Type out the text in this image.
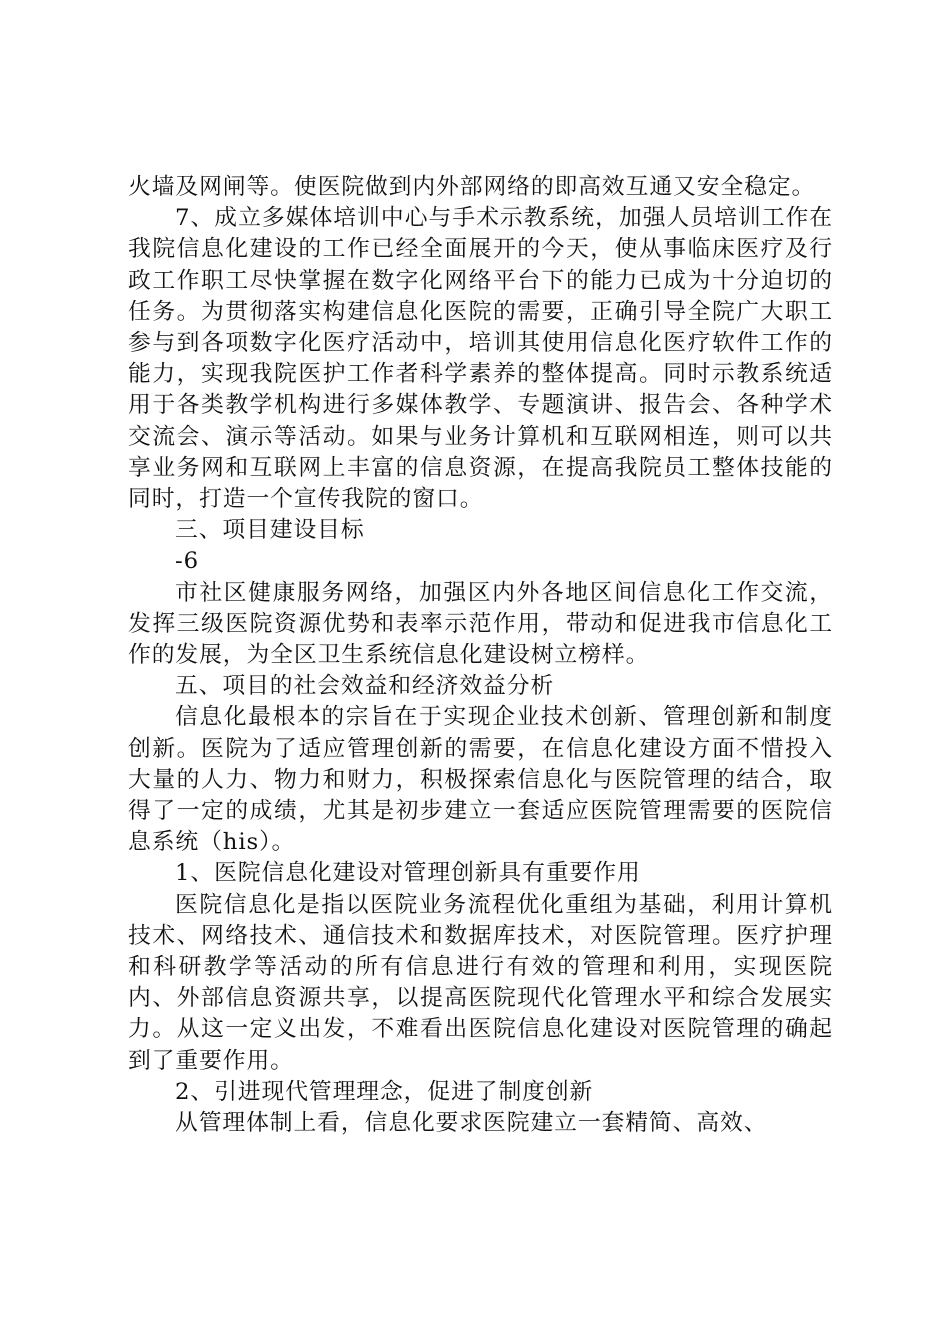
火墙及网闸等。使医院做到内外部网络的即高效互通又安全稳定。

7、成立多媒体培训中心与手术示教系统，加强人员培训工作在我院信息化建设的工作已经全面展开的今天，使从事临床医疗及行政工作职工尽快掌握在数字化网络平台下的能力已成为十分迫切的任务。为贯彻落实构建信息化医院的需要，正确引导全院广大职工参与到各项数字化医疗活动中，培训其使用信息化医疗软件工作的能力，实现我院医护工作者科学素养的整体提高。同时示教系统适用于各类教学机构进行多媒体教学、专题演讲、报告会、各种学术交流会、演示等活动。如果与业务计算机和互联网相连，则可以共享业务网和互联网上丰富的信息资源，在提高我院员工整体技能的同时，打造一个宣传我院的窗口。

三、项目建设目标

-6

市社区健康服务网络，加强区内外各地区间信息化工作交流，发挥三级医院资源优势和表率示范作用，带动和促进我市信息化工作的发展，为全区卫生系统信息化建设树立榜样。

五、项目的社会效益和经济效益分析

信息化最根本的宗旨在于实现企业技术创新、管理创新和制度创新。医院为了适应管理创新的需要，在信息化建设方面不惜投入大量的人力、物力和财力，积极探索信息化与医院管理的结合，取得了一定的成绩，尤其是初步建立一套适应医院管理需要的医院信息系统（his）。

1、医院信息化建设对管理创新具有重要作用

医院信息化是指以医院业务流程优化重组为基础，利用计算机技术、网络技术、通信技术和数据库技术，对医院管理。医疗护理和科研教学等活动的所有信息进行有效的管理和利用，实现医院内、外部信息资源共享，以提高医院现代化管理水平和综合发展实力。从这一定义出发，不难看出医院信息化建设对医院管理的确起到了重要作用。

2、引进现代管理理念，促进了制度创新

从管理体制上看，信息化要求医院建立一套精简、高效、
